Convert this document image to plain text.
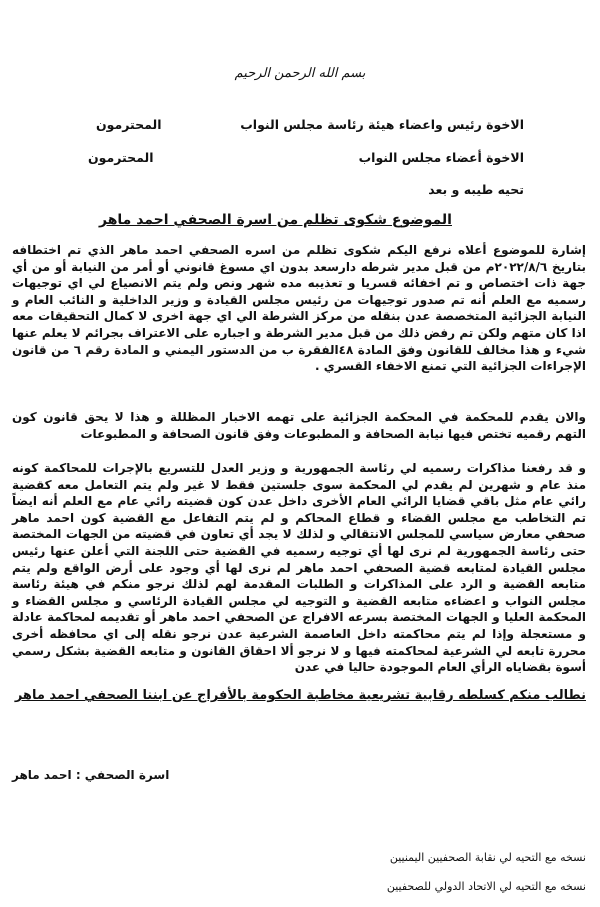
بسم الله الرحمن الرحيم
الاخوة رئيس واعضاء هيئة رئاسة مجلس النواب
المحترمون
الاخوة أعضاء مجلس النواب
المحترمون
تحيه طيبه و بعد
الموضوع شكوى تظلم من اسرة الصحفي احمد ماهر
إشارة للموضوع أعلاه نرفع اليكم شكوى تظلم من اسره الصحفي احمد ماهر الذي تم اختطافه بتاريخ ٢٠٢٢/٨/٦م من قبل مدير شرطه دارسعد بدون اي مسوغ قانوني أو أمر من النيابة أو من أي جهة ذات اختصاص و تم اخفائه قسريا و تعذيبه مده شهر ونص ولم يتم الانصياع لي اي توجيهات رسميه مع العلم أنه تم صدور توجيهات من رئيس مجلس القيادة و وزير الداخلية و النائب العام و النيابة الجزائية المتخصصة عدن بنقله من مركز الشرطة الي اي جهة اخرى لا كمال التحقيقات معه اذا كان متهم ولكن تم رفض ذلك من قبل مدير الشرطة و اجباره على الاعتراف بجرائم لا يعلم عنها شيء و هذا مخالف للقانون وفق المادة ٤٨الفقرة ب من الدستور اليمني و المادة رقم ٦ من قانون الإجراءات الجزائية التي تمنع الاخفاء القسري .
والان يقدم للمحكمة في المحكمة الجزائية على تهمه الاخبار المظللة و هذا لا يحق قانون كون التهم رقميه تختص فيها نيابة الصحافة و المطبوعات وفق قانون الصحافة و المطبوعات
و قد رفعنا مذاكرات رسميه لي رئاسة الجمهورية و وزير العدل للتسريع بالإجرات للمحاكمة كونه منذ عام و شهرين لم يقدم لي المحكمة سوى جلستين فقط لا غير ولم يتم التعامل معه كقضية رائي عام مثل باقي قضايا الرائي العام الأخرى داخل عدن كون قضيته رائي عام مع العلم أنه ايضاً تم التخاطب مع مجلس القضاء و قطاع المحاكم و لم يتم التفاعل مع القضية كون احمد ماهر صحفي معارض سياسي للمجلس الانتقالي و لذلك لا يجد أي تعاون في قضيته من الجهات المختصة حتى رئاسة الجمهورية لم نرى لها أي توجيه رسميه في القضية حتى اللجنة التي أعلن عنها رئيس مجلس القيادة لمتابعه قضية الصحفي احمد ماهر لم نرى لها أي وجود على أرض الواقع ولم يتم متابعه القضية و الرد على المذاكرات و الطلبات المقدمة لهم لذلك نرجو منكم في هيئة رئاسة مجلس النواب و اعضاءه متابعه القضية و التوجيه لي مجلس القيادة الرئاسي و مجلس القضاء و المحكمة العليا و الجهات المختصة بسرعه الافراج عن الصحفي احمد ماهر أو تقديمه لمحاكمة عادلة و مستعجلة وإذا لم يتم محاكمته داخل العاصمة الشرعية عدن نرجو نقله إلى اي محافظه أخرى محررة تابعه لي الشرعية لمحاكمته فيها و لا نرجو ألا احقاق القانون و متابعه القضية بشكل رسمي أسوة بقضاياه الرأي العام الموجودة حاليا في عدن
نطالب منكم كسلطه رقابية تشريعية مخاطبة الحكومة بالأفراج عن ابننا الصحفي احمد ماهر
اسرة الصحفي : احمد ماهر
نسخه مع التحيه لي نقابة الصحفيين اليمنيين
نسخه مع التحيه لي الاتحاد الدولي للصحفيين
